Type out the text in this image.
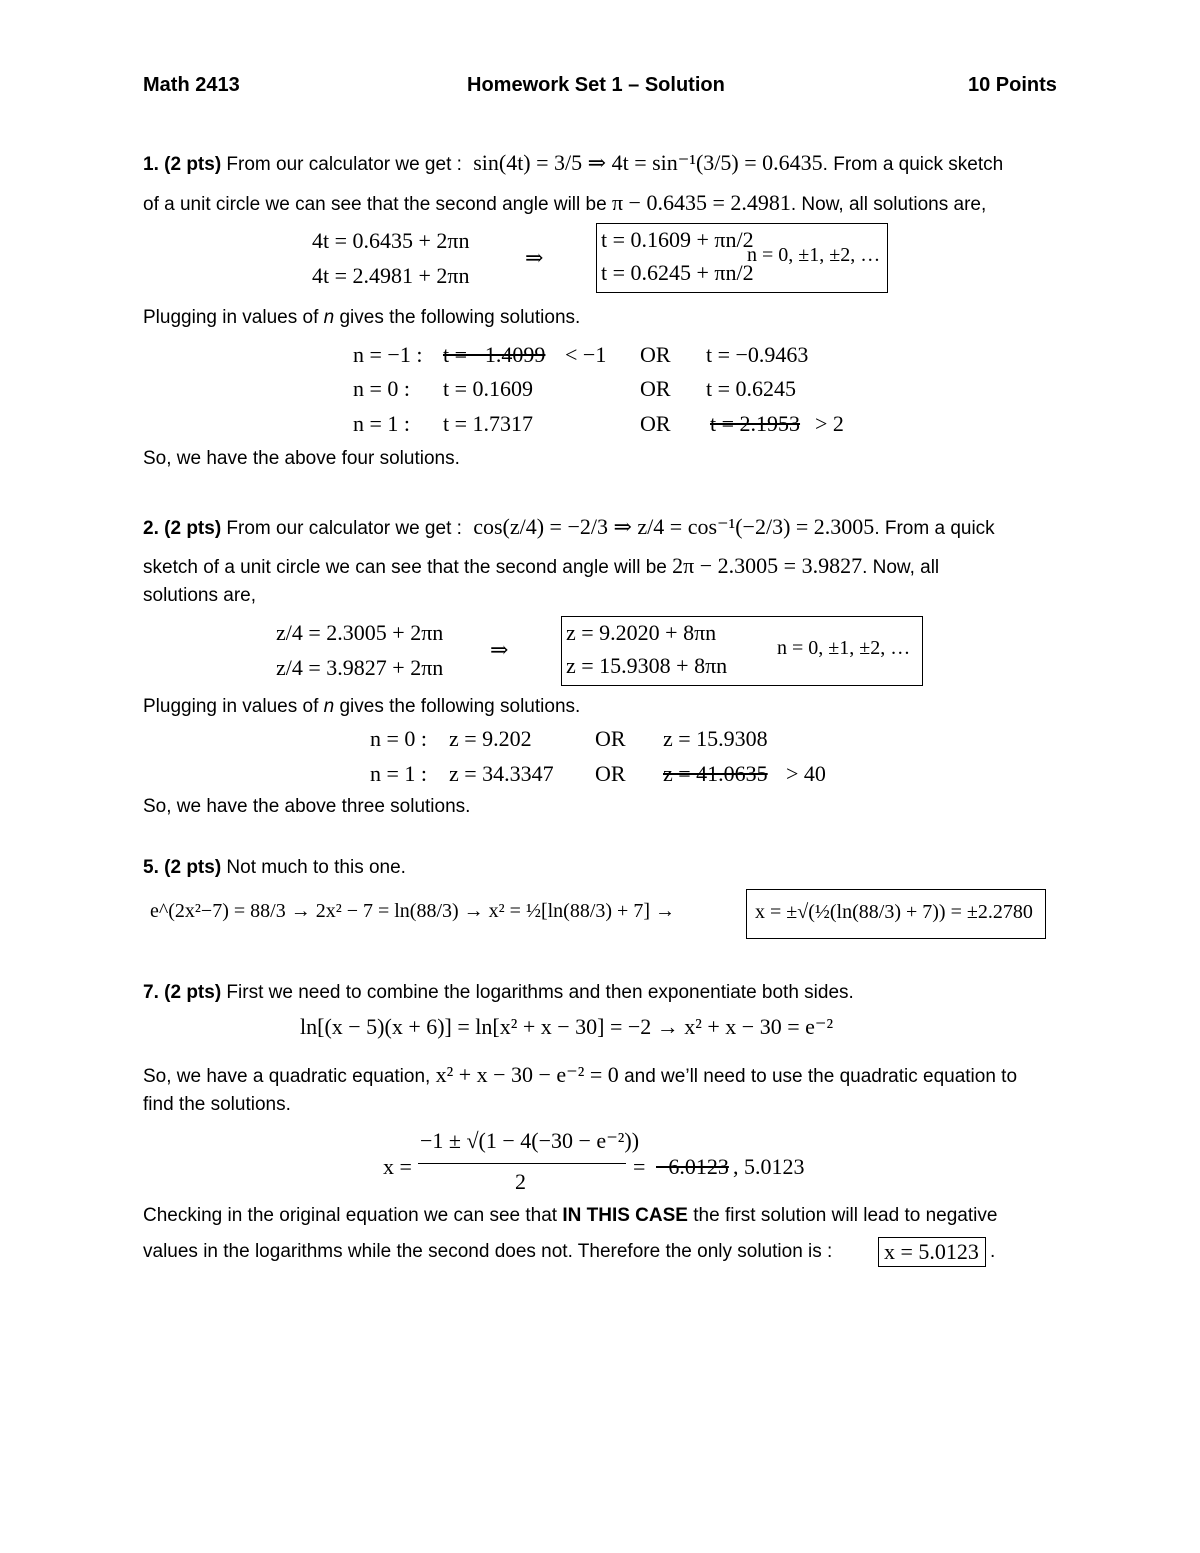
Math 2413	Homework Set 1 – Solution	10 Points
1. (2 pts) From our calculator we get : sin(4t) = 3/5 ⇒ 4t = sin⁻¹(3/5) = 0.6435. From a quick sketch
of a unit circle we can see that the second angle will be π − 0.6435 = 2.4981. Now, all solutions are,
4t = 0.6435 + 2πn
4t = 2.4981 + 2πn
⇒
t = 0.1609 + πn/2
t = 0.6245 + πn/2
n = 0, ±1, ±2, …
Plugging in values of n gives the following solutions.
n = −1 : t = −1.4099 < −1 OR t = −0.9463
n = 0 : t = 0.1609	OR t = 0.6245
n = 1 : t = 1.7317	OR t = 2.1953 > 2
So, we have the above four solutions.
2. (2 pts) From our calculator we get : cos(z/4) = −2/3 ⇒ z/4 = cos⁻¹(−2/3) = 2.3005. From a quick
sketch of a unit circle we can see that the second angle will be 2π − 2.3005 = 3.9827. Now, all
solutions are,
z/4 = 2.3005 + 2πn
z/4 = 3.9827 + 2πn
⇒
z = 9.2020 + 8πn
z = 15.9308 + 8πn
n = 0, ±1, ±2, …
Plugging in values of n gives the following solutions.
n = 0 : z = 9.202	OR z = 15.9308
n = 1 : z = 34.3347 OR z = 41.0635 > 40
So, we have the above three solutions.
5. (2 pts) Not much to this one.
e^(2x²−7) = 88/3 → 2x² − 7 = ln(88/3) → x² = ½[ln(88/3) + 7] →	x = ±√(½(ln(88/3) + 7)) = ±2.2780
7. (2 pts) First we need to combine the logarithms and then exponentiate both sides.
ln[(x − 5)(x + 6)] = ln[x² + x − 30] = −2 → x² + x − 30 = e⁻²
So, we have a quadratic equation, x² + x − 30 − e⁻² = 0 and we’ll need to use the quadratic equation to
find the solutions.
x =
−1 ± √(1 − 4(−30 − e⁻²))
2
= −6.0123 , 5.0123
Checking in the original equation we can see that IN THIS CASE the first solution will lead to negative
values in the logarithms while the second does not. Therefore the only solution is : x = 5.0123 .
